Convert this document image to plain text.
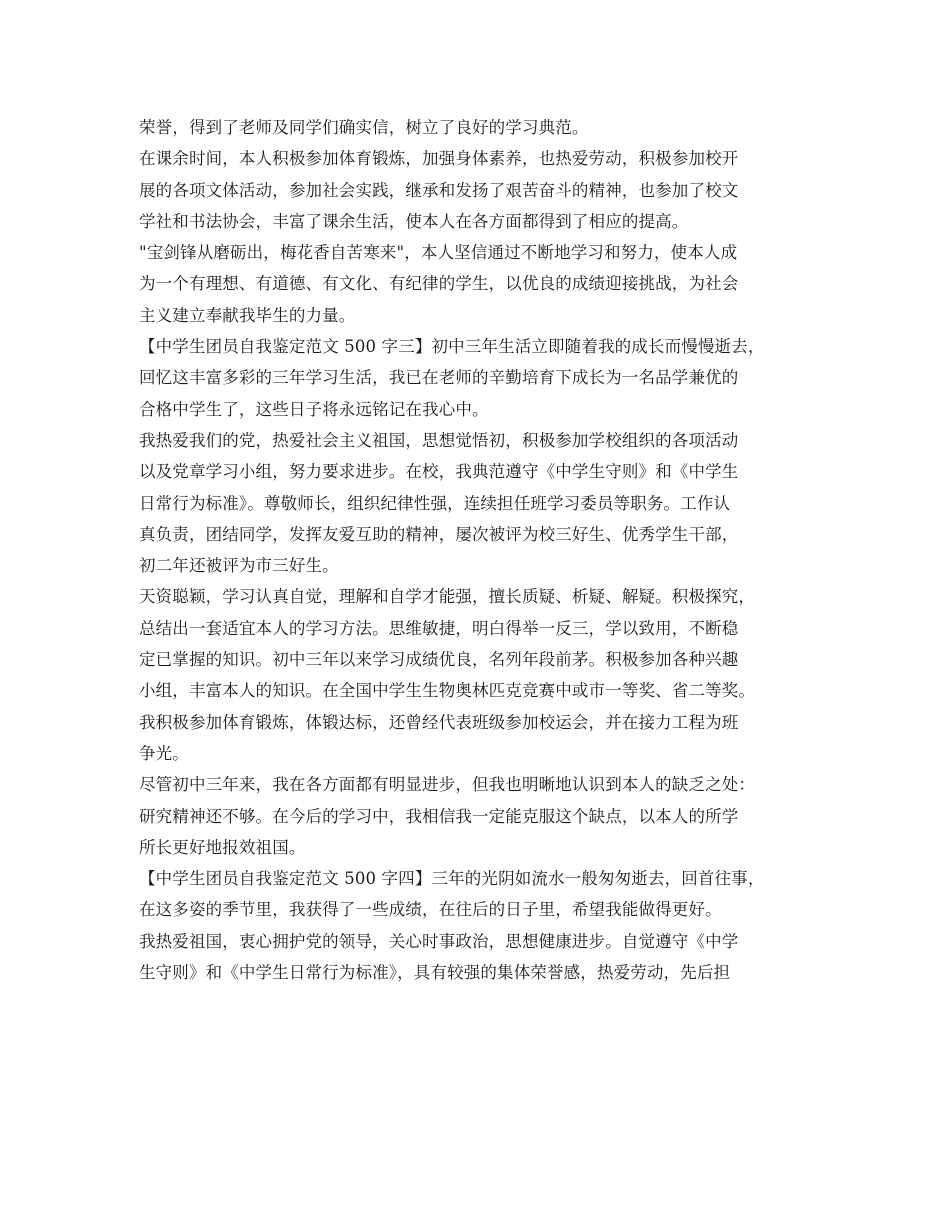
荣誉，得到了老师及同学们确实信，树立了良好的学习典范。
在课余时间，本人积极参加体育锻炼，加强身体素养，也热爱劳动，积极参加校开
展的各项文体活动，参加社会实践，继承和发扬了艰苦奋斗的精神，也参加了校文
学社和书法协会，丰富了课余生活，使本人在各方面都得到了相应的提高。
"宝剑锋从磨砺出，梅花香自苦寒来"，本人坚信通过不断地学习和努力，使本人成
为一个有理想、有道德、有文化、有纪律的学生，以优良的成绩迎接挑战，为社会
主义建立奉献我毕生的力量。
【中学生团员自我鉴定范文 500 字三】初中三年生活立即随着我的成长而慢慢逝去，
回忆这丰富多彩的三年学习生活，我已在老师的辛勤培育下成长为一名品学兼优的
合格中学生了，这些日子将永远铭记在我心中。
我热爱我们的党，热爱社会主义祖国，思想觉悟初，积极参加学校组织的各项活动
以及党章学习小组，努力要求进步。在校，我典范遵守《中学生守则》和《中学生
日常行为标准》。尊敬师长，组织纪律性强，连续担任班学习委员等职务。工作认
真负责，团结同学，发挥友爱互助的精神，屡次被评为校三好生、优秀学生干部，
初二年还被评为市三好生。
天资聪颖，学习认真自觉，理解和自学才能强，擅长质疑、析疑、解疑。积极探究，
总结出一套适宜本人的学习方法。思维敏捷，明白得举一反三，学以致用，不断稳
定已掌握的知识。初中三年以来学习成绩优良，名列年段前茅。积极参加各种兴趣
小组，丰富本人的知识。在全国中学生生物奥林匹克竞赛中或市一等奖、省二等奖。
我积极参加体育锻炼，体锻达标，还曾经代表班级参加校运会，并在接力工程为班
争光。
尽管初中三年来，我在各方面都有明显进步，但我也明晰地认识到本人的缺乏之处：
研究精神还不够。在今后的学习中，我相信我一定能克服这个缺点，以本人的所学
所长更好地报效祖国。
【中学生团员自我鉴定范文 500 字四】三年的光阴如流水一般匆匆逝去，回首往事，
在这多姿的季节里，我获得了一些成绩，在往后的日子里，希望我能做得更好。
我热爱祖国，衷心拥护党的领导，关心时事政治，思想健康进步。自觉遵守《中学
生守则》和《中学生日常行为标准》，具有较强的集体荣誉感，热爱劳动，先后担
